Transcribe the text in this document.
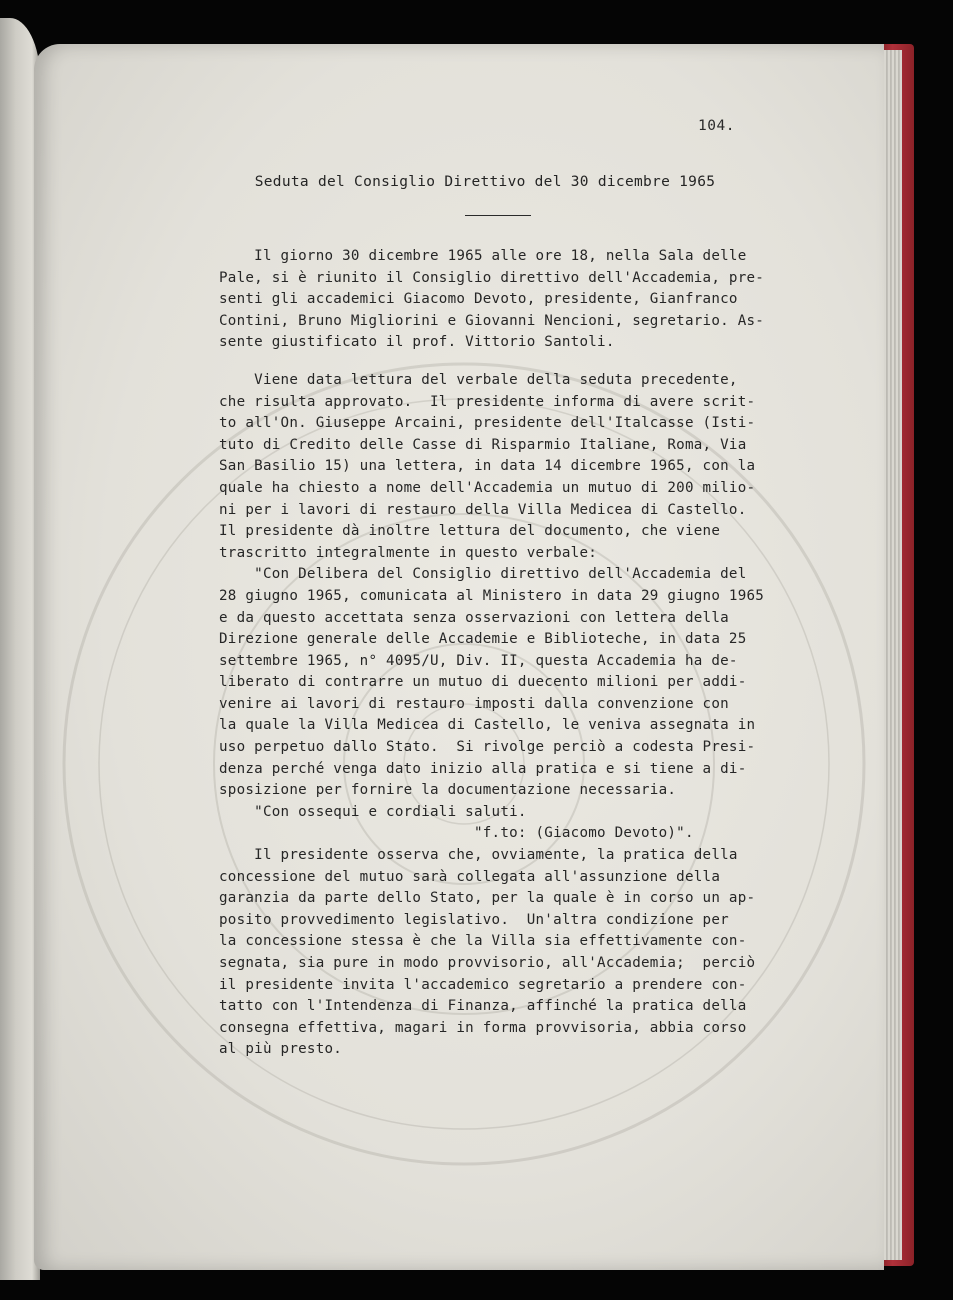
104.
Seduta del Consiglio Direttivo del 30 dicembre 1965
Il giorno 30 dicembre 1965 alle ore 18, nella Sala delle
Pale, si è riunito il Consiglio direttivo dell'Accademia, pre-
senti gli accademici Giacomo Devoto, presidente, Gianfranco
Contini, Bruno Migliorini e Giovanni Nencioni, segretario. As-
sente giustificato il prof. Vittorio Santoli.
Viene data lettura del verbale della seduta precedente,
che risulta approvato.  Il presidente informa di avere scrit-
to all'On. Giuseppe Arcaini, presidente dell'Italcasse (Isti-
tuto di Credito delle Casse di Risparmio Italiane, Roma, Via
San Basilio 15) una lettera, in data 14 dicembre 1965, con la
quale ha chiesto a nome dell'Accademia un mutuo di 200 milio-
ni per i lavori di restauro della Villa Medicea di Castello.
Il presidente dà inoltre lettura del documento, che viene
trascritto integralmente in questo verbale:
"Con Delibera del Consiglio direttivo dell'Accademia del
28 giugno 1965, comunicata al Ministero in data 29 giugno 1965
e da questo accettata senza osservazioni con lettera della
Direzione generale delle Accademie e Biblioteche, in data 25
settembre 1965, n° 4095/U, Div. II, questa Accademia ha de-
liberato di contrarre un mutuo di duecento milioni per addi-
venire ai lavori di restauro imposti dalla convenzione con
la quale la Villa Medicea di Castello, le veniva assegnata in
uso perpetuo dallo Stato.  Si rivolge perciò a codesta Presi-
denza perché venga dato inizio alla pratica e si tiene a di-
sposizione per fornire la documentazione necessaria.
"Con ossequi e cordiali saluti.
"f.to: (Giacomo Devoto)".
Il presidente osserva che, ovviamente, la pratica della
concessione del mutuo sarà collegata all'assunzione della
garanzia da parte dello Stato, per la quale è in corso un ap-
posito provvedimento legislativo.  Un'altra condizione per
la concessione stessa è che la Villa sia effettivamente con-
segnata, sia pure in modo provvisorio, all'Accademia;  perciò
il presidente invita l'accademico segretario a prendere con-
tatto con l'Intendenza di Finanza, affinché la pratica della
consegna effettiva, magari in forma provvisoria, abbia corso
al più presto.
